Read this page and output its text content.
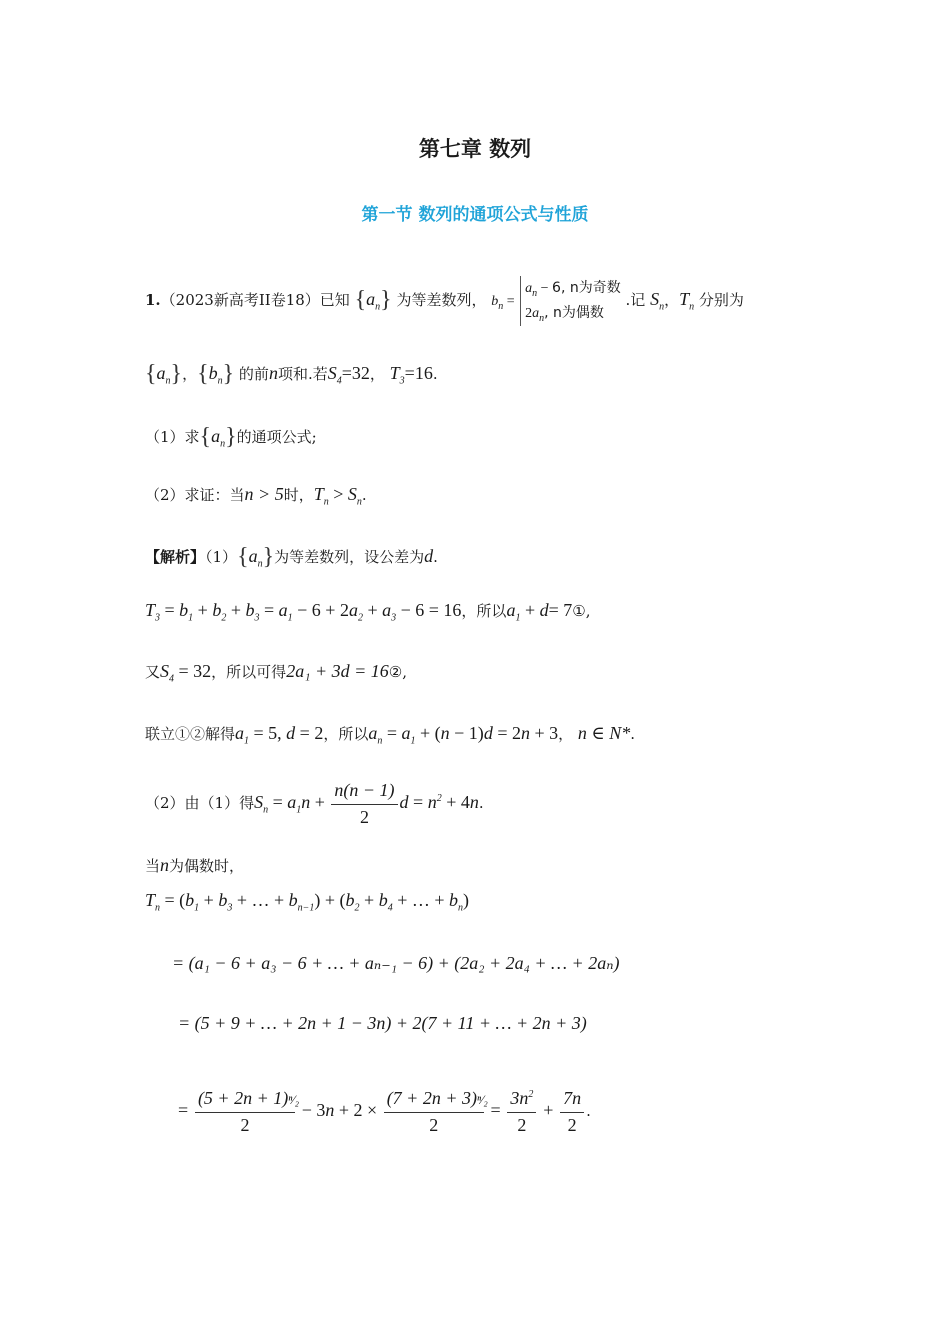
第七章 数列
第一节 数列的通项公式与性质
1.（2023新高考II卷18）已知 $\{a_n\}$ 为等差数列， $b_n = a_n - 6$, n为奇数
$2a_n$, n为偶数 .记 $S_n$，$T_n$ 分别为
$\{a_n\}$，$\{b_n\}$ 的前n项和.若$S_4=32$， $T_3=16$.
（1）求$\{a_n\}$的通项公式;
（2）求证：当n > 5时，$T_n > S_n$.
【解析】$(1)\{a_n\}$为等差数列，设公差为d.
$T_3 = b_1 + b_2 + b_3 = a_1 - 6 + 2a_2 + a_3 - 6 = 16$，所以$a_1 + d=$ 7①,
又$S_4 = 32$，所以可得2a₁ + 3d = 16②,
联立①②解得$a_1 = 5$, d = 2，所以$a_n = a_1 + (n - 1)d = 2n + 3$， n ∈ N*.
（2）由（1）得$S_n = a_1n + \frac{n(n - 1)}{2}$ $d = n^2 + 4n$.
当n为偶数时，
$T_n = (b_1 + b_3$ + … + $b_{n-1}) + (b_2 + b_4$ + … + $b_n$)
= (a₁ − 6 + a₃ − 6 + … + aₙ₋₁ − 6) + (2a₂ + 2a₄ + … + 2aₙ)
= (5 + 9 + … + 2n + 1 − 3n) + 2(7 + 11 + … + 2n + 3)
= $\frac{\text{(5 + 2n + 1)ⁿ⁄₂}}{2} - 3n + 2 \times \frac{\text{(7 + 2n + 3)ⁿ⁄₂}}{2} = \frac{3n^2}{2} + \frac{7n}{2}$ .
